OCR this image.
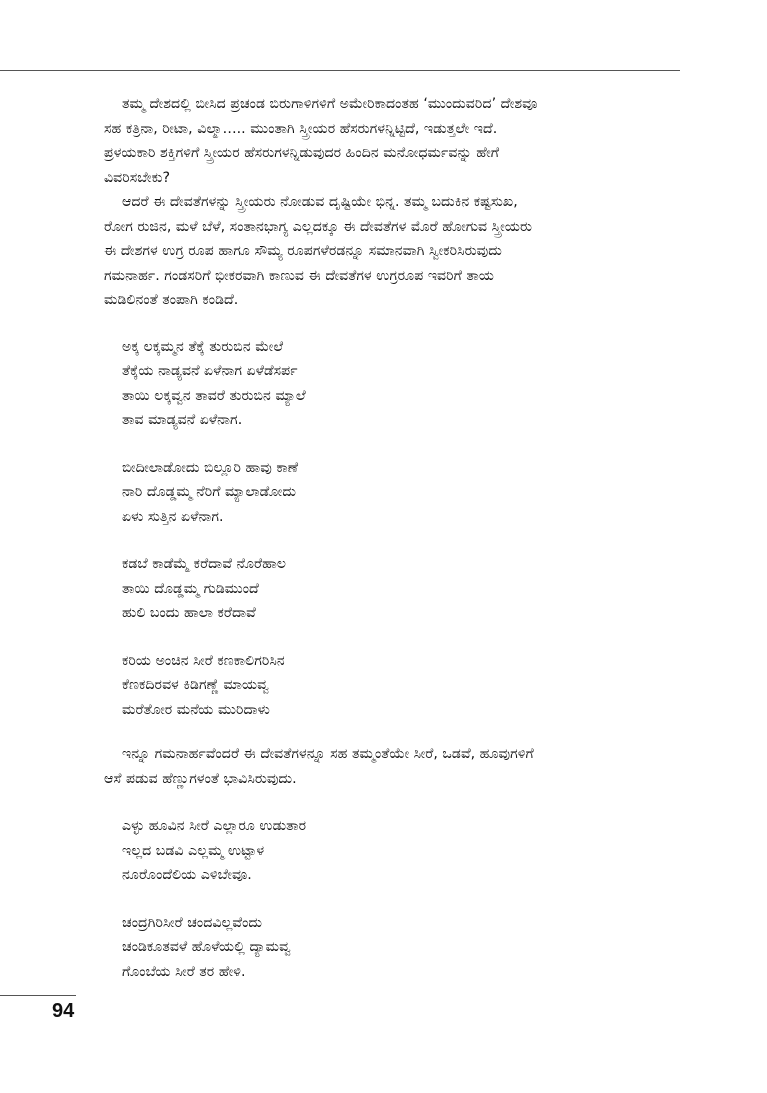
ತಮ್ಮ ದೇಶದಲ್ಲಿ ಬೀಸಿದ ಪ್ರಚಂಡ ಬಿರುಗಾಳಿಗಳಿಗೆ ಅಮೇರಿಕಾದಂತಹ ‘ಮುಂದುವರಿದ’ ದೇಶವೂ
ಸಹ ಕತ್ರಿನಾ, ರೀಟಾ, ವಿಲ್ಮಾ….. ಮುಂತಾಗಿ ಸ್ತ್ರೀಯರ ಹೆಸರುಗಳನ್ನಿಟ್ಟಿದೆ, ಇಡುತ್ತಲೇ ಇದೆ.
ಪ್ರಳಯಕಾರಿ ಶಕ್ತಿಗಳಿಗೆ ಸ್ತ್ರೀಯರ ಹೆಸರುಗಳನ್ನಿಡುವುದರ ಹಿಂದಿನ ಮನೋಧರ್ಮವನ್ನು ಹೇಗೆ
ವಿವರಿಸಬೇಕು?

ಆದರೆ ಈ ದೇವತೆಗಳನ್ನು ಸ್ತ್ರೀಯರು ನೋಡುವ ದೃಷ್ಟಿಯೇ ಭಿನ್ನ. ತಮ್ಮ ಬದುಕಿನ ಕಷ್ಟಸುಖ,
ರೋಗ ರುಜಿನ, ಮಳೆ ಬೆಳೆ, ಸಂತಾನಭಾಗ್ಯ ಎಲ್ಲದಕ್ಕೂ ಈ ದೇವತೆಗಳ ಮೊರೆ ಹೋಗುವ ಸ್ತ್ರೀಯರು
ಈ ದೇಶಗಳ ಉಗ್ರ ರೂಪ ಹಾಗೂ ಸೌಮ್ಯ ರೂಪಗಳೆರಡನ್ನೂ ಸಮಾನವಾಗಿ ಸ್ವೀಕರಿಸಿರುವುದು
ಗಮನಾರ್ಹ. ಗಂಡಸರಿಗೆ ಭೀಕರವಾಗಿ ಕಾಣುವ ಈ ದೇವತೆಗಳ ಉಗ್ರರೂಪ ಇವರಿಗೆ ತಾಯ
ಮಡಿಲಿನಂತೆ ತಂಪಾಗಿ ಕಂಡಿದೆ.

ಅಕ್ಕ ಲಕ್ಕಮ್ಮನ ತೆಕ್ಕೆ ತುರುಬಿನ ಮೇಲೆ
ತೆಕ್ಕೆಯ ನಾಡ್ಯವನೆ ಏಳೆನಾಗ ಏಳೆಡೆಸರ್ಪ
ತಾಯಿ ಲಕ್ಕವ್ವನ ತಾವರೆ ತುರುಬಿನ ಮ್ಯಾಲೆ
ತಾವ ಮಾಡ್ಯವನೆ ಏಳೆನಾಗ.
ಬೀದೀಲಾಡೋದು ಬಿಲ್ಲೂರಿ ಹಾವು ಕಾಣೆ
ನಾರಿ ದೊಡ್ಡಮ್ಮ ನೆರಿಗೆ ಮ್ಯಾಲಾಡೋದು
ಏಳು ಸುತ್ತಿನ ಏಳೆನಾಗ.
ಕಡಬೆ ಕಾಡೆಮ್ಮೆ ಕರೆದಾವೆ ನೊರೆಹಾಲ
ತಾಯಿ ದೊಡ್ಡಮ್ಮ ಗುಡಿಮುಂದೆ
ಹುಲಿ ಬಂದು ಹಾಲಾ ಕರೆದಾವೆ
ಕರಿಯ ಅಂಚಿನ ಸೀರೆ ಕಣಕಾಲಿಗರಿಸಿನ
ಕೆಣಕದಿರವಳ ಕಿಡಿಗಣ್ಣೆ ಮಾಯವ್ವ
ಮರೆತೋರ ಮನೆಯ ಮುರಿದಾಳು

ಇನ್ನೂ ಗಮನಾರ್ಹವೆಂದರೆ ಈ ದೇವತೆಗಳನ್ನೂ ಸಹ ತಮ್ಮಂತೆಯೇ ಸೀರೆ, ಒಡವೆ, ಹೂವುಗಳಿಗೆ
ಆಸೆ ಪಡುವ ಹೆಣ್ಣುಗಳಂತೆ ಭಾವಿಸಿರುವುದು.

ಎಳ್ಳು ಹೂವಿನ ಸೀರೆ ಎಲ್ಲಾರೂ ಉಡುತಾರ
ಇಲ್ಲದ ಬಡವಿ ಎಲ್ಲಮ್ಮ ಉಟ್ಟಾಳ
ನೂರೊಂದೆಲಿಯ ಎಳಿಬೇವೂ.
ಚಂದ್ರಗಿರಿಸೀರೆ ಚಂದವಿಲ್ಲವೆಂದು
ಚಂಡಿಕೂತವಳೆ ಹೊಳೆಯಲ್ಲಿ ದ್ಯಾಮವ್ವ
ಗೊಂಬೆಯ ಸೀರೆ ತರ ಹೇಳಿ.
94
